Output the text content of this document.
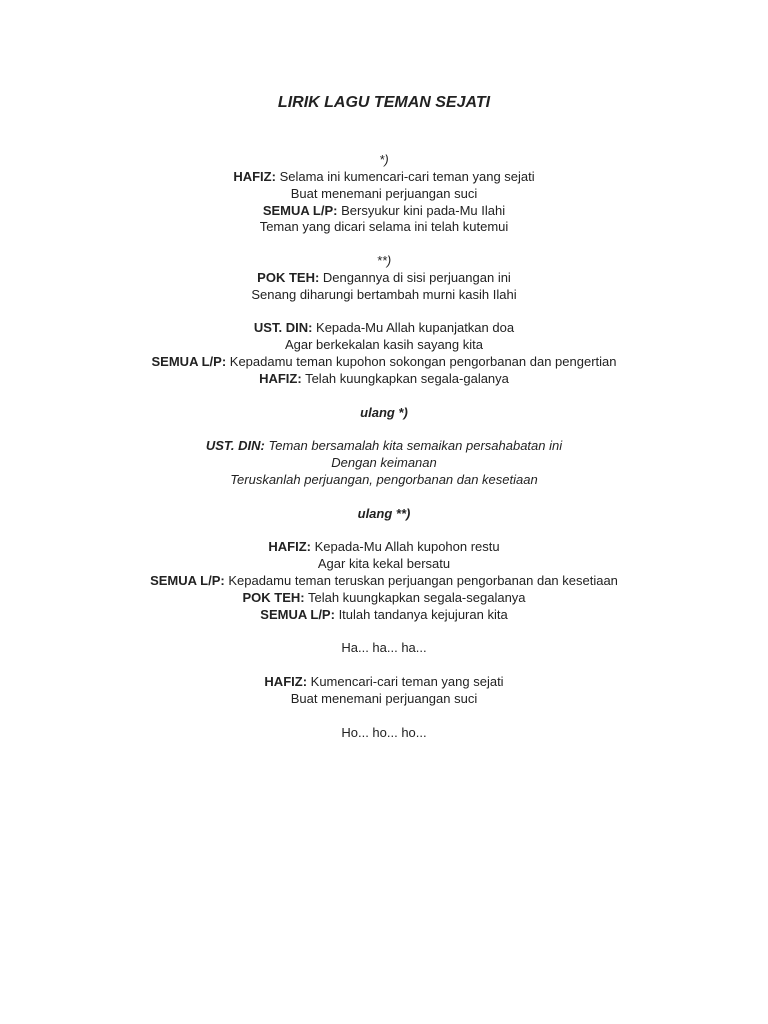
LIRIK LAGU TEMAN SEJATI

*)

HAFIZ: Selama ini kumencari-cari teman yang sejati

Buat menemani perjuangan suci

SEMUA L/P: Bersyukur kini pada-Mu Ilahi

Teman yang dicari selama ini telah kutemui

**)

POK TEH: Dengannya di sisi perjuangan ini

Senang diharungi bertambah murni kasih Ilahi

UST. DIN: Kepada-Mu Allah kupanjatkan doa

Agar berkekalan kasih sayang kita

SEMUA L/P: Kepadamu teman kupohon sokongan pengorbanan dan pengertian

HAFIZ: Telah kuungkapkan segala-galanya

ulang *)

UST. DIN: Teman bersamalah kita semaikan persahabatan ini

Dengan keimanan

Teruskanlah perjuangan, pengorbanan dan kesetiaan

ulang **)

HAFIZ: Kepada-Mu Allah kupohon restu

Agar kita kekal bersatu

SEMUA L/P: Kepadamu teman teruskan perjuangan pengorbanan dan kesetiaan

POK TEH: Telah kuungkapkan segala-segalanya

SEMUA L/P: Itulah tandanya kejujuran kita

Ha... ha... ha...

HAFIZ: Kumencari-cari teman yang sejati

Buat menemani perjuangan suci

Ho... ho... ho...
